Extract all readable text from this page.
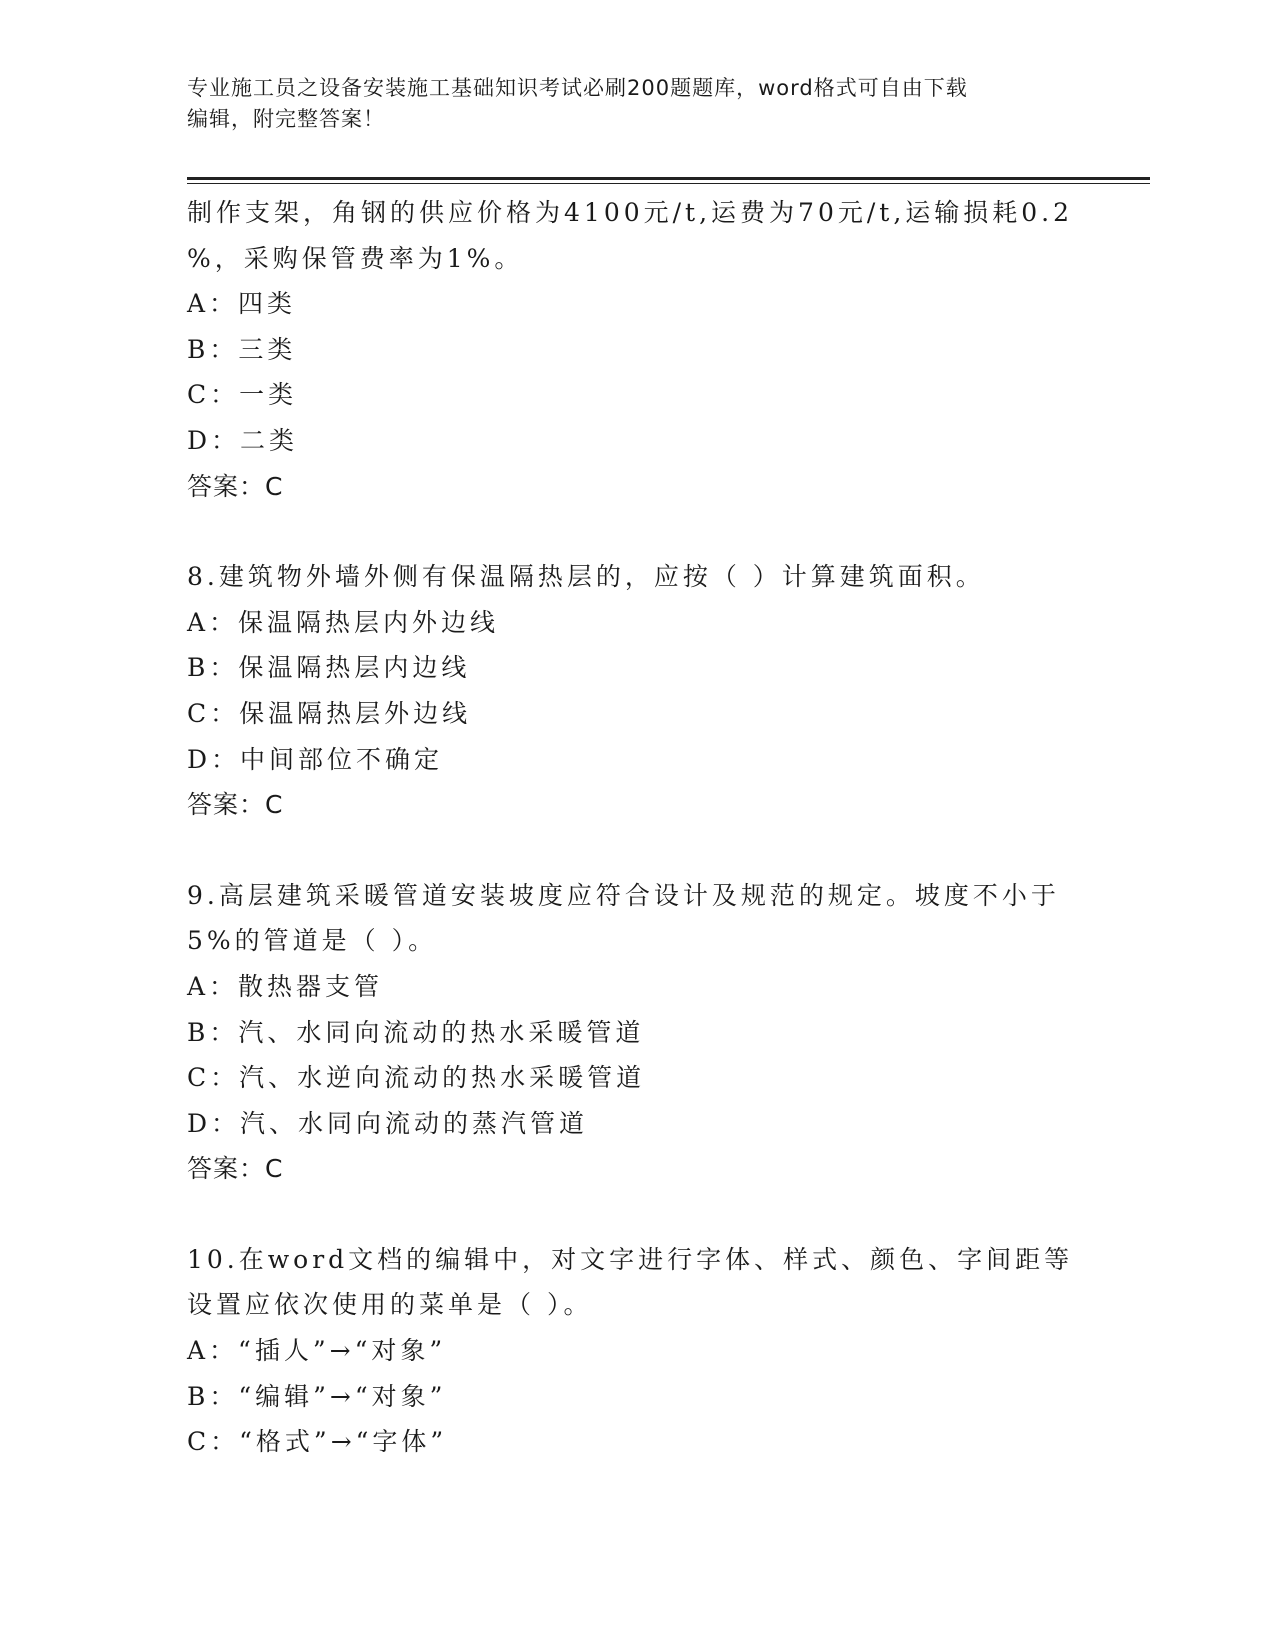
专业施工员之设备安装施工基础知识考试必刷200题题库，word格式可自由下载
编辑，附完整答案！
制作支架，角钢的供应价格为4100元/t,运费为70元/t,运输损耗0.2
%，采购保管费率为1%。
A：四类
B：三类
C：一类
D：二类
答案：C
8.建筑物外墙外侧有保温隔热层的，应按（ ）计算建筑面积。
A：保温隔热层内外边线
B：保温隔热层内边线
C：保温隔热层外边线
D：中间部位不确定
答案：C
9.高层建筑采暖管道安装坡度应符合设计及规范的规定。坡度不小于
5%的管道是（ ）。
A：散热器支管
B：汽、水同向流动的热水采暖管道
C：汽、水逆向流动的热水采暖管道
D：汽、水同向流动的蒸汽管道
答案：C
10.在word文档的编辑中，对文字进行字体、样式、颜色、字间距等
设置应依次使用的菜单是（ ）。
A：“插人”→“对象”
B：“编辑”→“对象”
C：“格式”→“字体”
